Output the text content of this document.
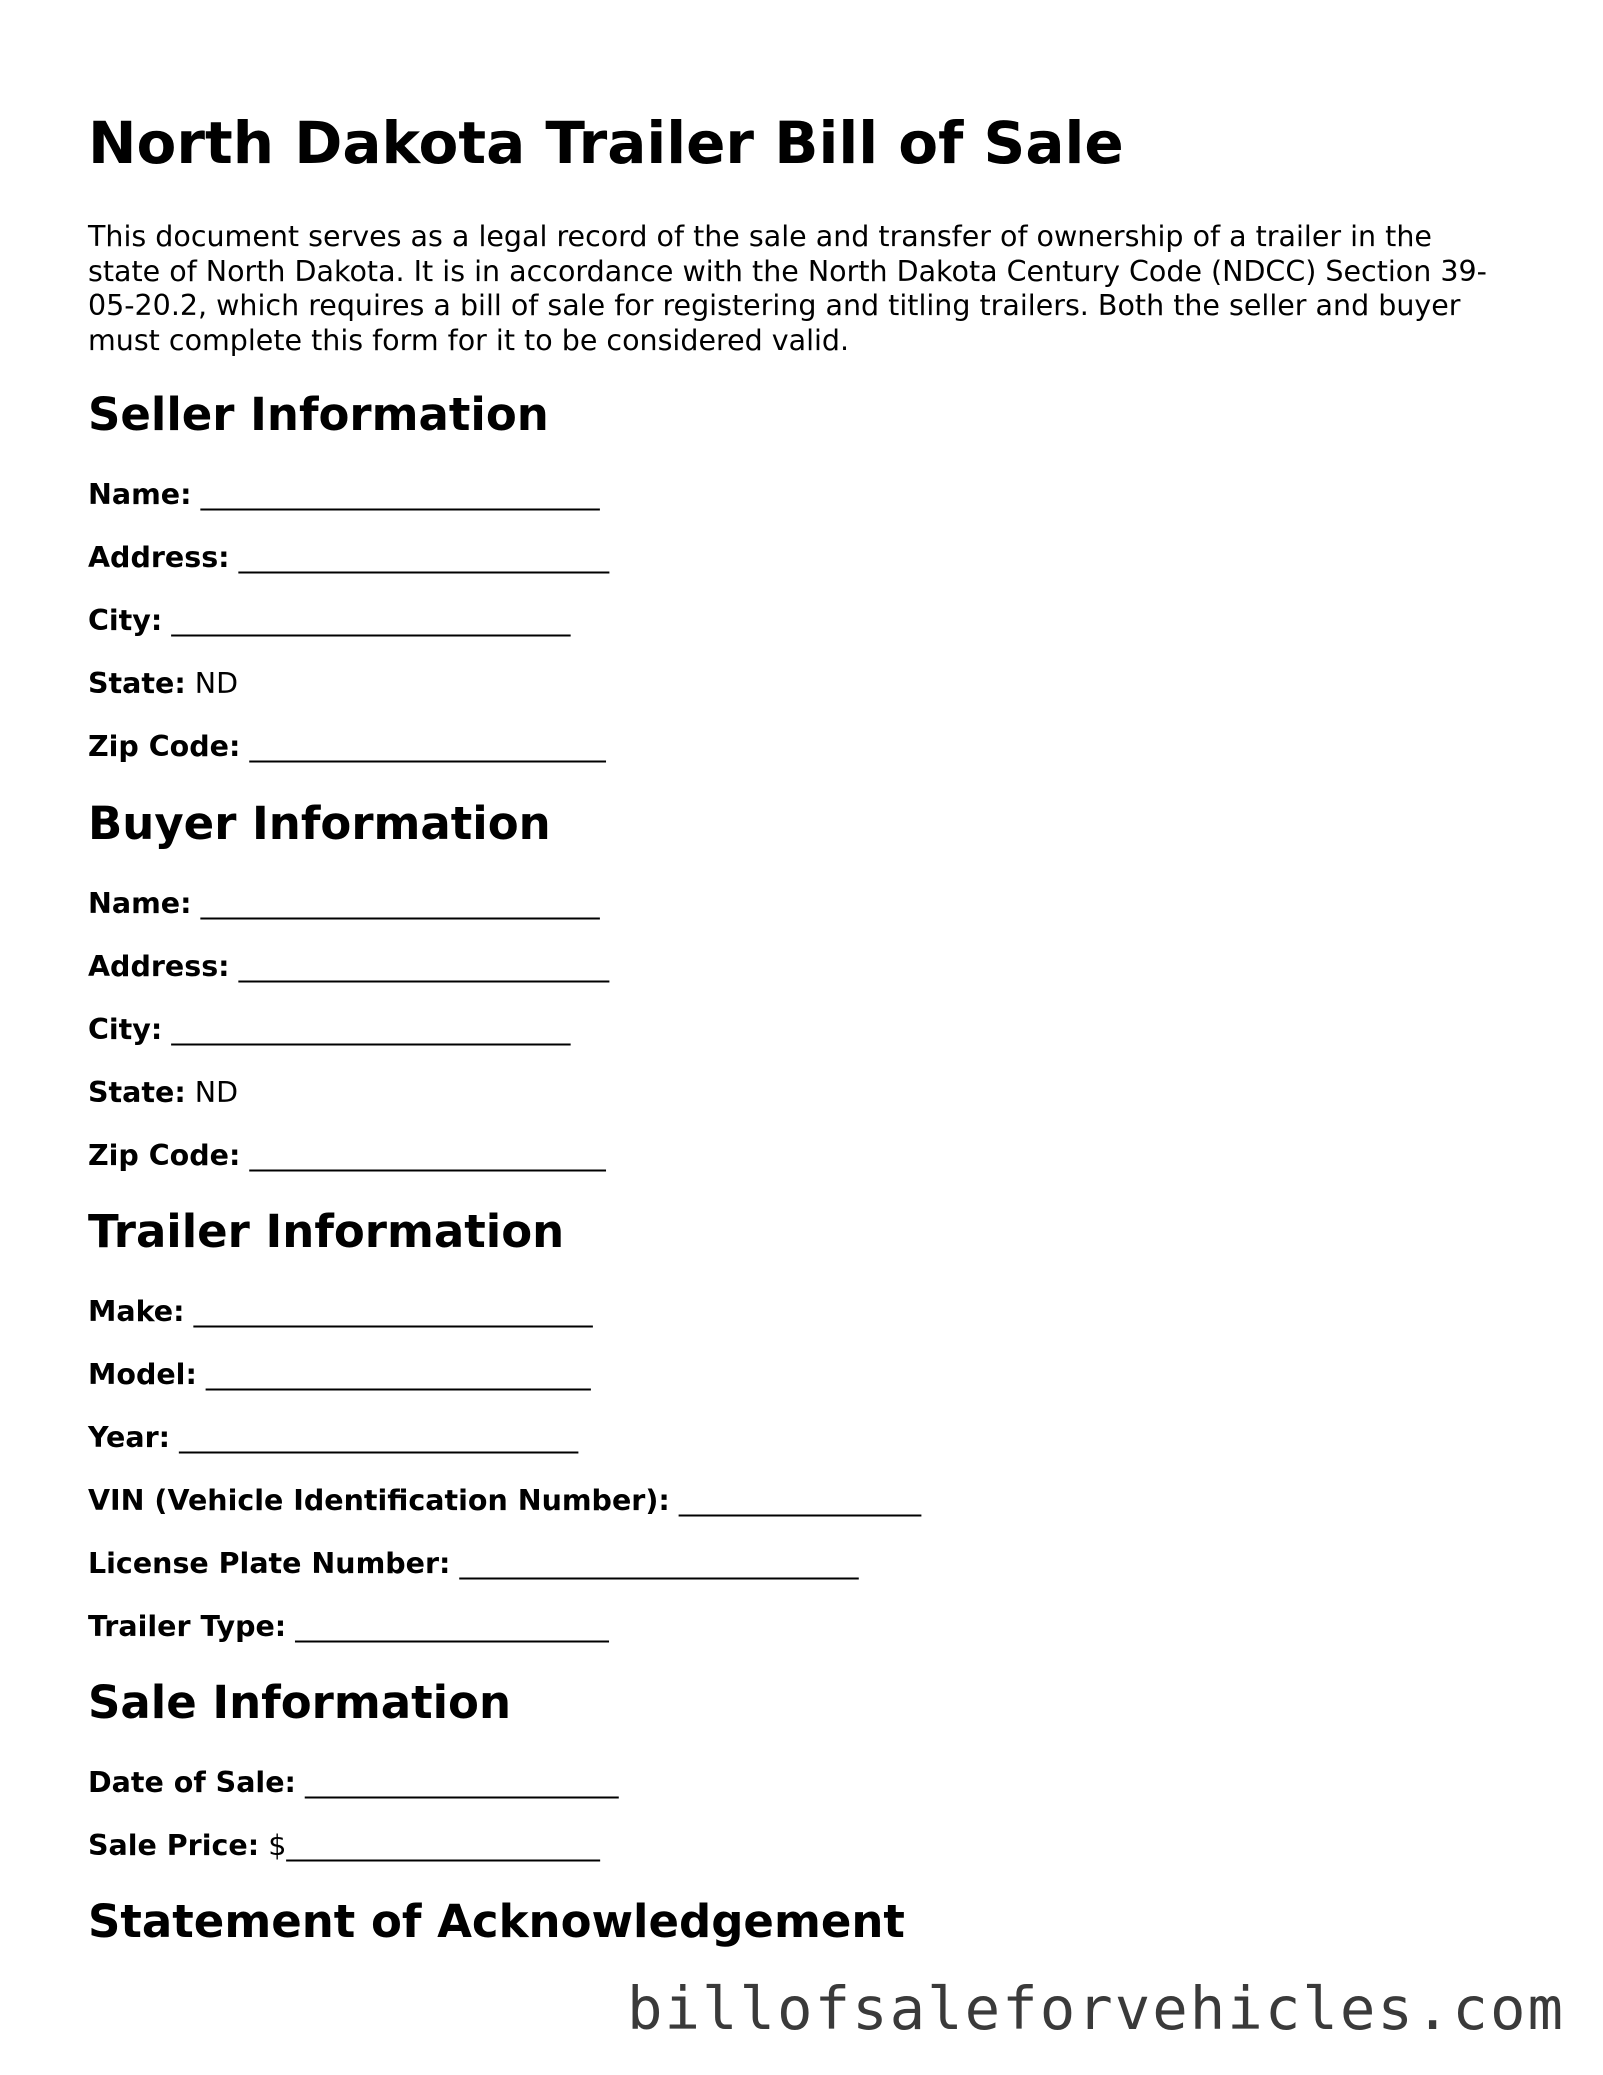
North Dakota Trailer Bill of Sale

This document serves as a legal record of the sale and transfer of ownership of a trailer in the state of North Dakota. It is in accordance with the North Dakota Century Code (NDCC) Section 39-05-20.2, which requires a bill of sale for registering and titling trailers. Both the seller and buyer must complete this form for it to be considered valid.

Seller Information
Name: ____________________________
Address: __________________________
City: ____________________________
State: ND
Zip Code: _________________________
Buyer Information
Name: ____________________________
Address: __________________________
City: ____________________________
State: ND
Zip Code: _________________________
Trailer Information
Make: ____________________________
Model: ___________________________
Year: ____________________________
VIN (Vehicle Identification Number): _________________
License Plate Number: ____________________________
Trailer Type: ______________________
Sale Information
Date of Sale: ______________________
Sale Price: $______________________
Statement of Acknowledgement
billofsaleforvehicles.com
